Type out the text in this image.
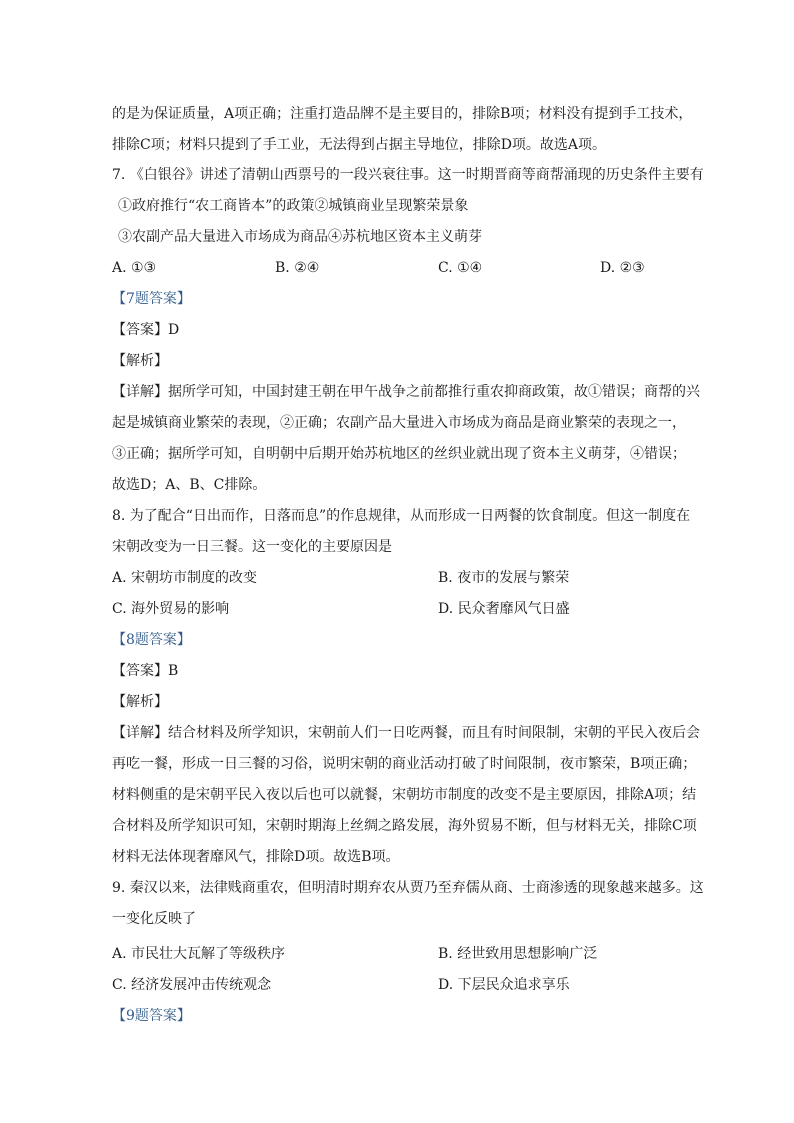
的是为保证质量，A项正确；注重打造品牌不是主要目的，排除B项；材料没有提到手工技术，
排除C项；材料只提到了手工业，无法得到占据主导地位，排除D项。故选A项。
7. 《白银谷》讲述了清朝山西票号的一段兴衰往事。这一时期晋商等商帮涌现的历史条件主要有
①政府推行“农工商皆本”的政策②城镇商业呈现繁荣景象
③农副产品大量进入市场成为商品④苏杭地区资本主义萌芽
A. ①③	B. ②④	C. ①④	D. ②③
【7题答案】
【答案】D
【解析】
【详解】据所学可知，中国封建王朝在甲午战争之前都推行重农抑商政策，故①错误；商帮的兴
起是城镇商业繁荣的表现，②正确；农副产品大量进入市场成为商品是商业繁荣的表现之一，
③正确；据所学可知，自明朝中后期开始苏杭地区的丝织业就出现了资本主义萌芽，④错误；
故选D；A、B、C排除。
8. 为了配合“日出而作，日落而息”的作息规律，从而形成一日两餐的饮食制度。但这一制度在
宋朝改变为一日三餐。这一变化的主要原因是
A. 宋朝坊市制度的改变	B. 夜市的发展与繁荣
C. 海外贸易的影响	D. 民众奢靡风气日盛
【8题答案】
【答案】B
【解析】
【详解】结合材料及所学知识，宋朝前人们一日吃两餐，而且有时间限制，宋朝的平民入夜后会
再吃一餐，形成一日三餐的习俗，说明宋朝的商业活动打破了时间限制，夜市繁荣，B项正确；
材料侧重的是宋朝平民入夜以后也可以就餐，宋朝坊市制度的改变不是主要原因，排除A项；结
合材料及所学知识可知，宋朝时期海上丝绸之路发展，海外贸易不断，但与材料无关，排除C项
材料无法体现奢靡风气，排除D项。故选B项。
9. 秦汉以来，法律贱商重农，但明清时期弃农从贾乃至弃儒从商、士商渗透的现象越来越多。这
一变化反映了
A. 市民壮大瓦解了等级秩序	B. 经世致用思想影响广泛
C. 经济发展冲击传统观念	D. 下层民众追求享乐
【9题答案】
